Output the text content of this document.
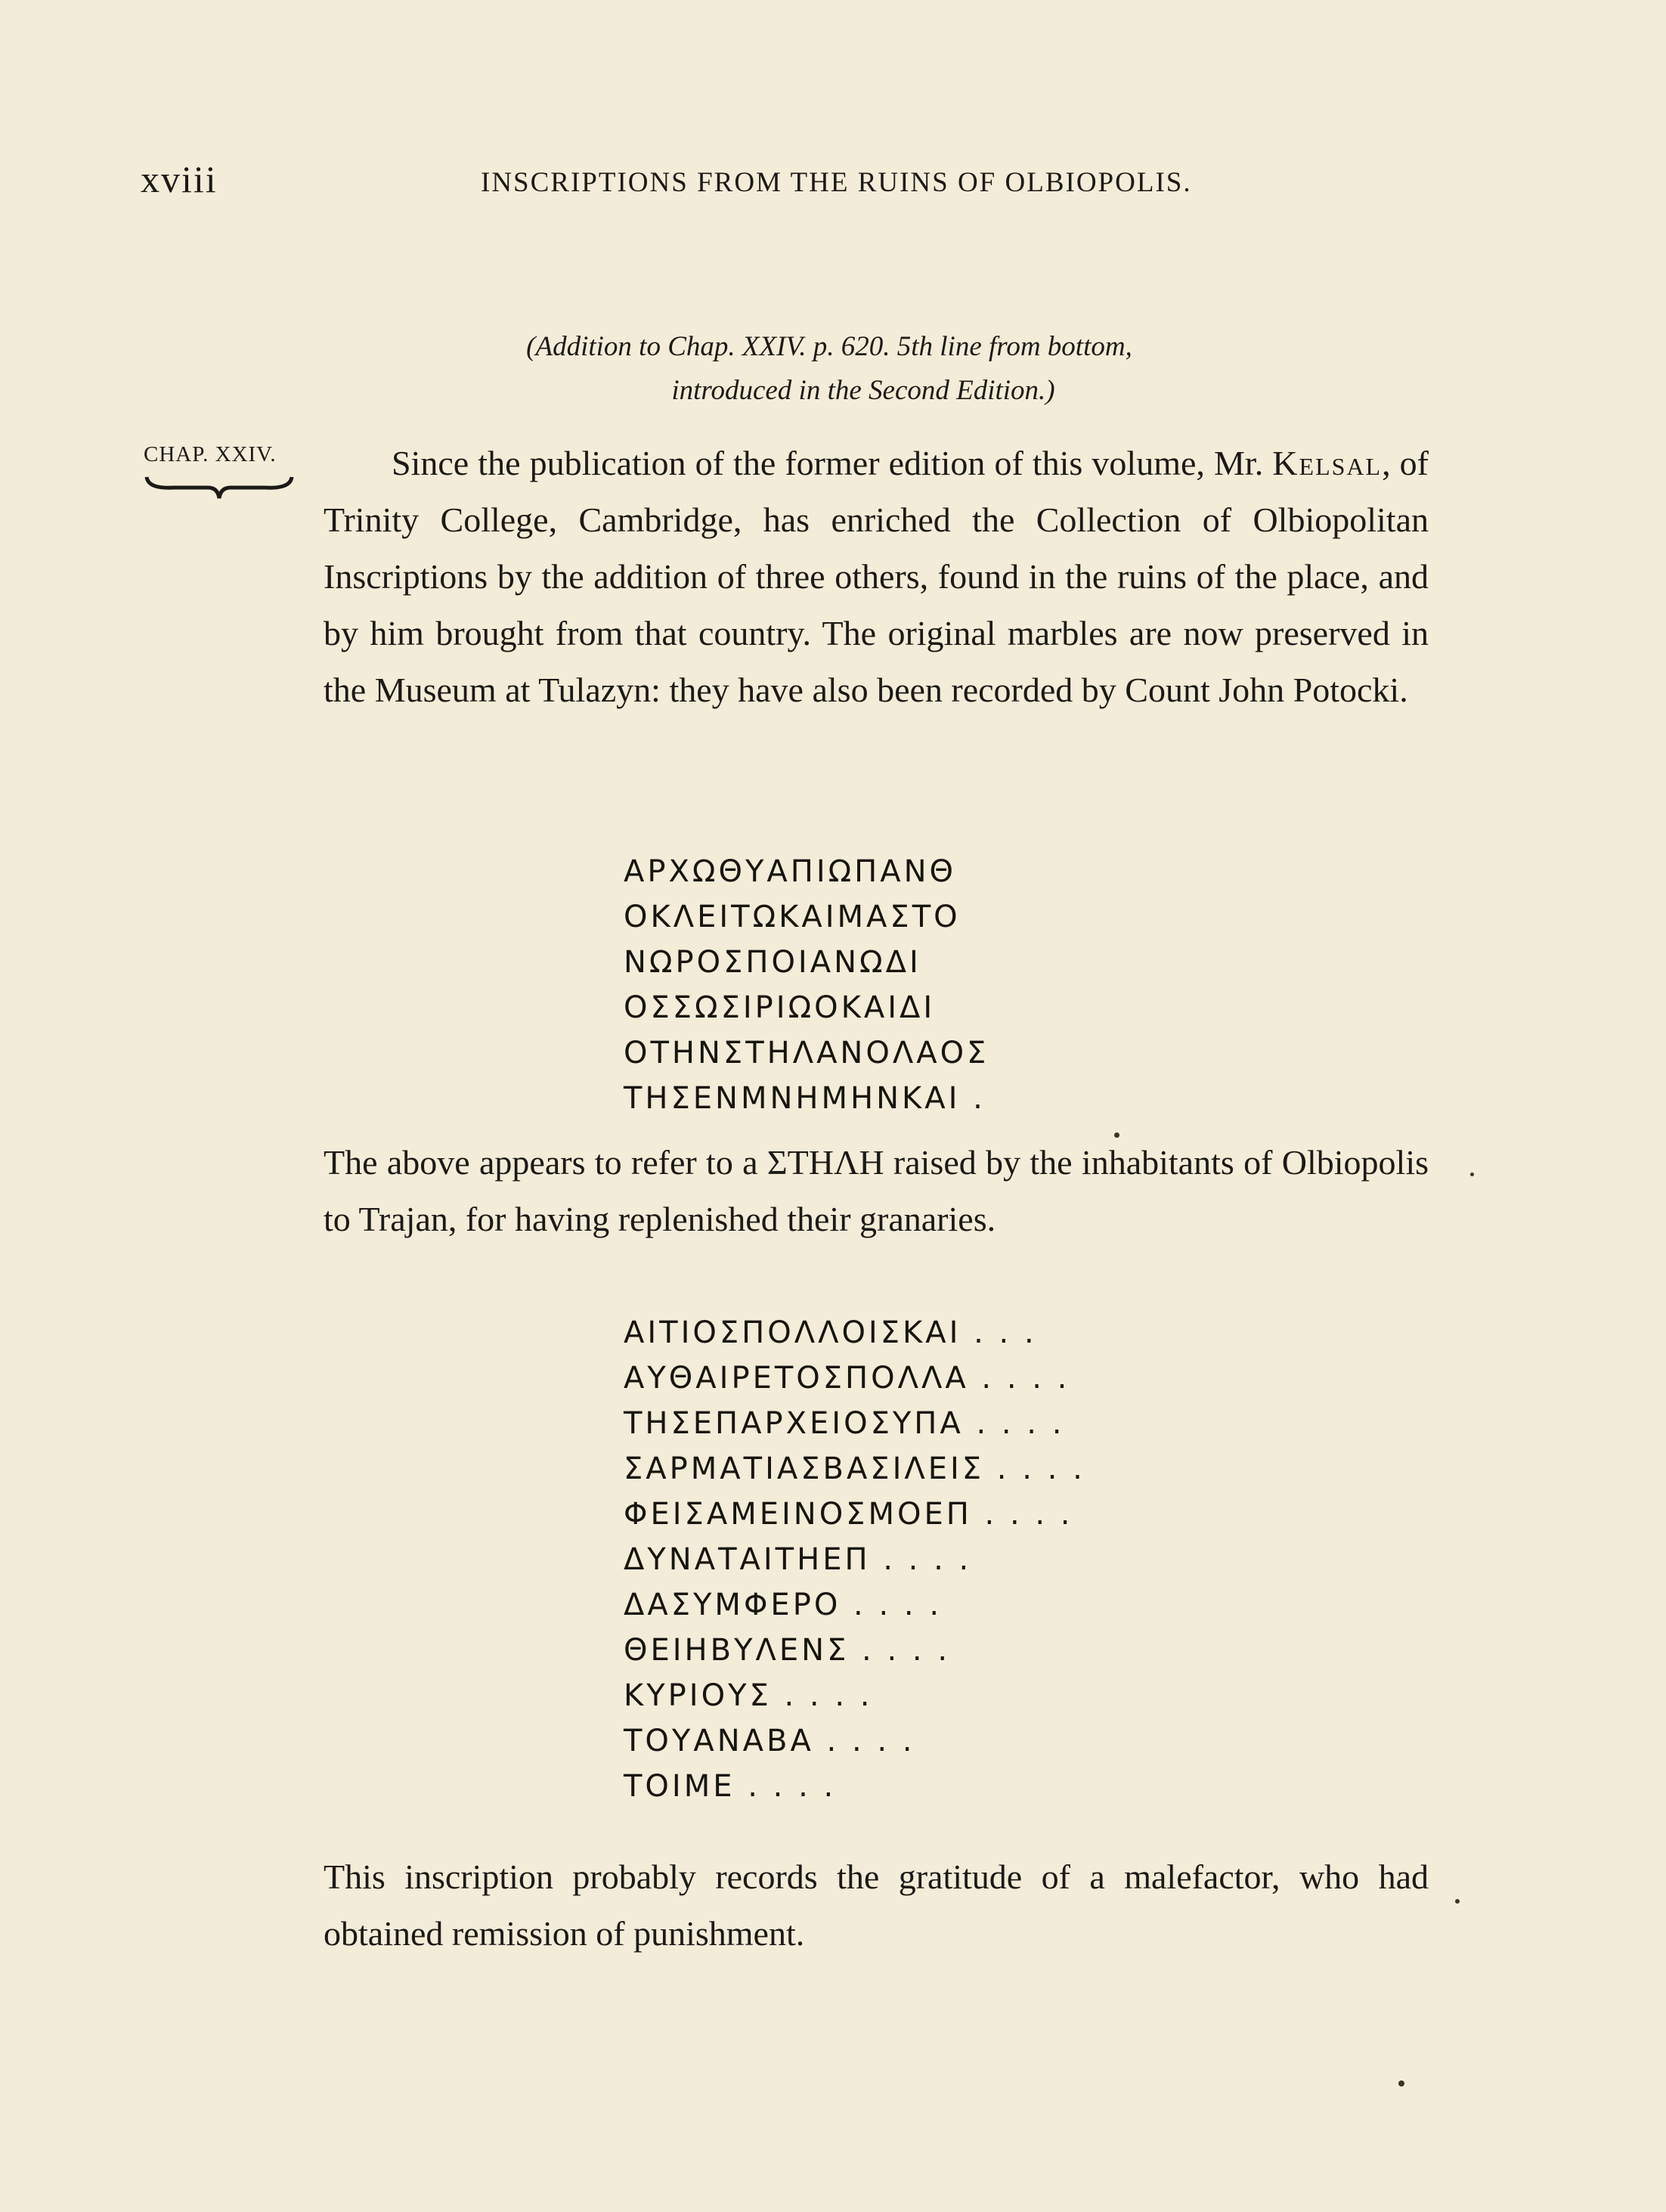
xviii	INSCRIPTIONS FROM THE RUINS OF OLBIOPOLIS.
(Addition to Chap. XXIV. p. 620. 5th line from bottom,
introduced in the Second Edition.)
CHAP. XXIV.	Since the publication of the former edition of this volume, Mr. Kelsal, of Trinity College, Cambridge, has enriched the Collection of Olbiopolitan Inscriptions by the addition of three others, found in the ruins of the place, and by him brought from that country. The original marbles are now preserved in the Museum at Tulazyn: they have also been recorded by Count John Potocki.

ΑΡΧΩΘΥΑΠΙΩΠΑΝΘ
ΟΚΛΕΙΤΩΚΑΙΜΑΣΤΟ
ΝΩΡΟΣΠΟΙΑΝΩΔΙ
ΟΣΣΩΣΙΡΙΩΟΚΑΙΔΙ
ΟΤΗΝΣΤΗΛΑΝΟΛΑΟΣ
ΤΗΣΕΝΜΝΗΜΗΝΚΑΙ .

The above appears to refer to a ΣΤΗΛΗ raised by the inhabitants of Olbiopolis to Trajan, for having replenished their granaries.

ΑΙΤΙΟΣΠΟΛΛΟΙΣΚΑΙ . . .
ΑΥΘΑΙΡΕΤΟΣΠΟΛΛΑ . . . .
ΤΗΣΕΠΑΡΧΕΙΟΣΥΠΑ . . . .
ΣΑΡΜΑΤΙΑΣΒΑΣΙΛΕΙΣ . . . .
ΦΕΙΣΑΜΕΙΝΟΣΜΟΕΠ . . . .
ΔΥΝΑΤΑΙΤΗΕΠ . . . .
ΔΑΣΥΜΦΕΡΟ . . . .
ΘΕΙΗΒΥΛΕΝΣ . . . .
ΚΥΡΙΟΥΣ . . . .
ΤΟΥΑΝΑΒΑ . . . .
ΤΟΙΜΕ . . . .

This inscription probably records the gratitude of a malefactor, who had obtained remission of punishment.
